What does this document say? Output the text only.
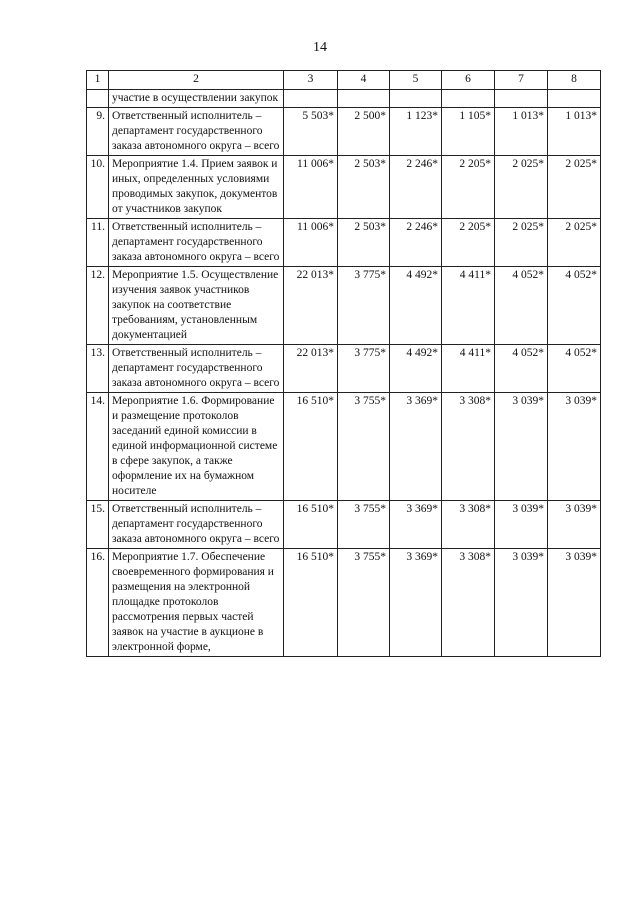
14
1	2	3	4	5	6	7	8
	участие в осуществлении закупок						
9.	Ответственный исполнитель – департамент государственного заказа автономного округа – всего	5 503*	2 500*	1 123*	1 105*	1 013*	1 013*
10.	Мероприятие 1.4. Прием заявок и иных, определенных условиями проводимых закупок, документов от участников закупок	11 006*	2 503*	2 246*	2 205*	2 025*	2 025*
11.	Ответственный исполнитель – департамент государственного заказа автономного округа – всего	11 006*	2 503*	2 246*	2 205*	2 025*	2 025*
12.	Мероприятие 1.5. Осуществление изучения заявок участников закупок на соответствие требованиям, установленным документацией	22 013*	3 775*	4 492*	4 411*	4 052*	4 052*
13.	Ответственный исполнитель – департамент государственного заказа автономного округа – всего	22 013*	3 775*	4 492*	4 411*	4 052*	4 052*
14.	Мероприятие 1.6. Формирование и размещение протоколов заседаний единой комиссии в единой информационной системе в сфере закупок, а также оформление их на бумажном носителе	16 510*	3 755*	3 369*	3 308*	3 039*	3 039*
15.	Ответственный исполнитель – департамент государственного заказа автономного округа – всего	16 510*	3 755*	3 369*	3 308*	3 039*	3 039*
16.	Мероприятие 1.7. Обеспечение своевременного формирования и размещения на электронной площадке протоколов рассмотрения первых частей заявок на участие в аукционе в электронной форме,	16 510*	3 755*	3 369*	3 308*	3 039*	3 039*
